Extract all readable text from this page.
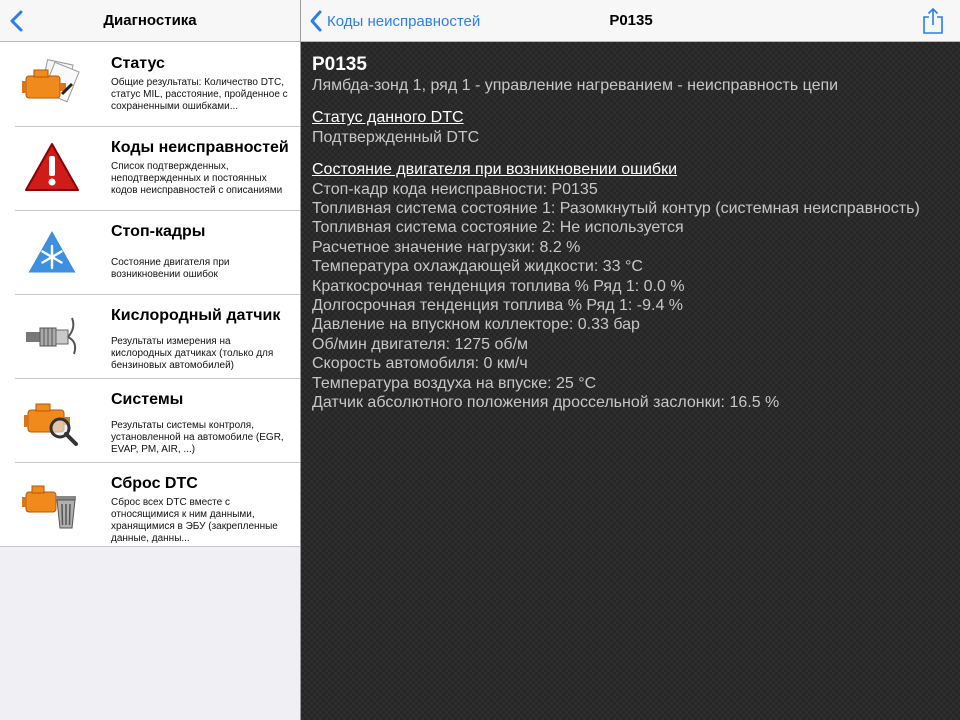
Диагностика
Статус
Общие результаты: Количество DTC, статус MIL, расстояние, пройденное с сохраненными ошибками...
Коды неисправностей
Список подтвержденных, неподтвержденных и постоянных кодов неисправностей с описаниями
Стоп-кадры
Состояние двигателя при возникновении ошибок
Кислородный датчик
Результаты измерения на кислородных датчиках (только для бензиновых автомобилей)
Системы
Результаты системы контроля, установленной на автомобиле (EGR, EVAP, PM, AIR, ...)
Сброс DTC
Сброс всех DTC вместе с относящимися к ним данными, хранящимися в ЭБУ (закрепленные данные, данны...
Коды неисправностей	P0135
P0135
Лямбда-зонд 1, ряд 1 - управление нагреванием - неисправность цепи
Статус данного DTC
Подтвержденный DTC
Состояние двигателя при возникновении ошибки
Стоп-кадр кода неисправности: P0135
Топливная система состояние 1: Разомкнутый контур (системная неисправность)
Топливная система состояние 2: Не используется
Расчетное значение нагрузки: 8.2 %
Температура охлаждающей жидкости: 33 °C
Краткосрочная тенденция топлива % Ряд 1: 0.0 %
Долгосрочная тенденция топлива % Ряд 1: -9.4 %
Давление на впускном коллекторе: 0.33 бар
Об/мин двигателя: 1275 об/м
Скорость автомобиля: 0 км/ч
Температура воздуха на впуске: 25 °C
Датчик абсолютного положения дроссельной заслонки: 16.5 %
